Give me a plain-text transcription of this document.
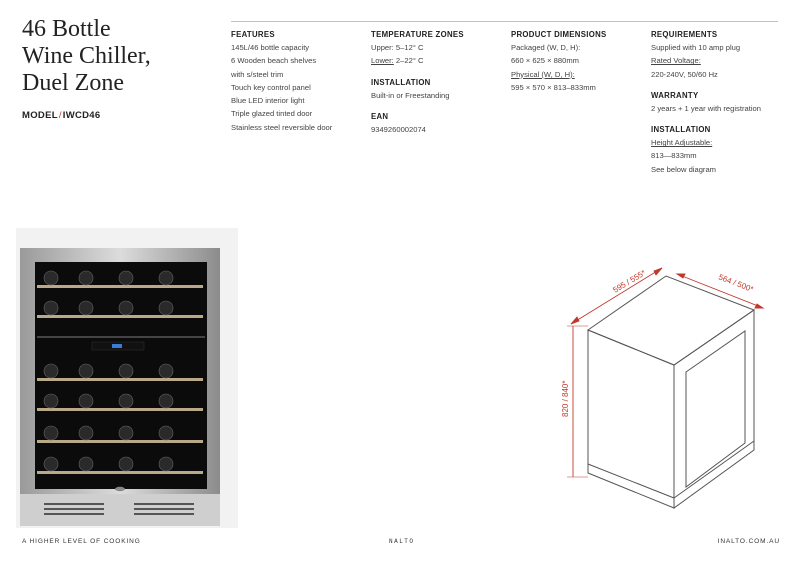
46 Bottle
Wine Chiller,
Duel Zone
MODEL/IWCD46
FEATURES
145L/46 bottle capacity
6 Wooden beach shelves
with s/steel trim
Touch key control panel
Blue LED interior light
Triple glazed tinted door
Stainless steel reversible door
TEMPERATURE ZONES
Upper: 5–12° C
Lower: 2–22° C
INSTALLATION
Built-in or Freestanding
EAN
9349260002074
PRODUCT DIMENSIONS
Packaged (W, D, H):
660 × 625 × 880mm
Physical (W, D, H):
595 × 570 × 813–833mm
REQUIREMENTS
Supplied with 10 amp plug
Rated Voltage:
220-240V, 50/60 Hz
WARRANTY
2 years + 1 year with registration
INSTALLATION
Height Adjustable:
813—833mm
See below diagram
595 / 555*	564 / 500*
820 / 840*
A HIGHER LEVEL OF COOKING	NALTO	INALTO.COM.AU
